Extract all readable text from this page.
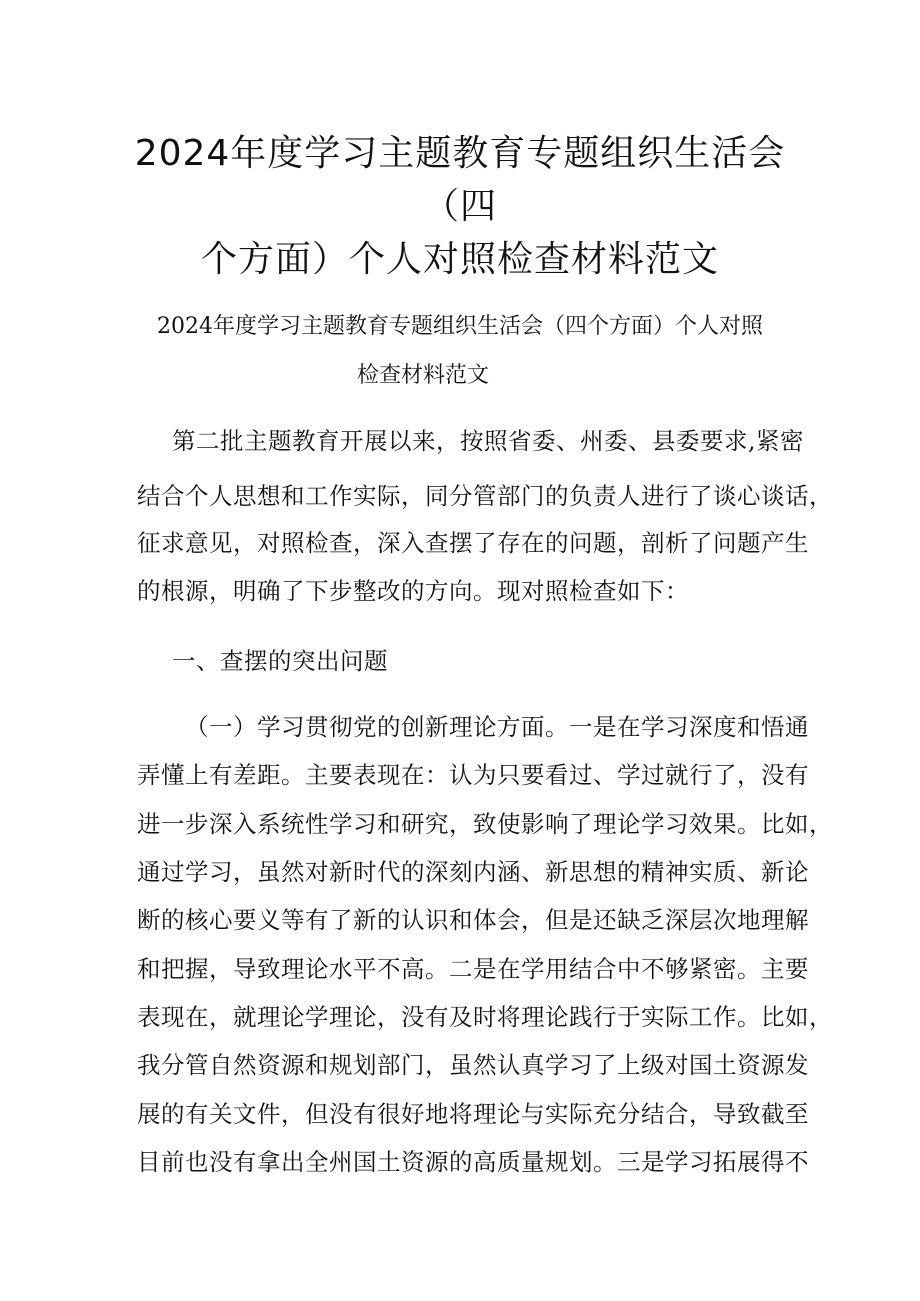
2024年度学习主题教育专题组织生活会
（四
个方面）个人对照检查材料范文
2024年度学习主题教育专题组织生活会（四个方面）个人对照
检查材料范文
第二批主题教育开展以来，按照省委、州委、县委要求,紧密
结合个人思想和工作实际，同分管部门的负责人进行了谈心谈话，
征求意见，对照检查，深入查摆了存在的问题，剖析了问题产生
的根源，明确了下步整改的方向。现对照检查如下：
一、查摆的突出问题
（一）学习贯彻党的创新理论方面。一是在学习深度和悟通
弄懂上有差距。主要表现在：认为只要看过、学过就行了，没有
进一步深入系统性学习和研究，致使影响了理论学习效果。比如，
通过学习，虽然对新时代的深刻内涵、新思想的精神实质、新论
断的核心要义等有了新的认识和体会，但是还缺乏深层次地理解
和把握，导致理论水平不高。二是在学用结合中不够紧密。主要
表现在，就理论学理论，没有及时将理论践行于实际工作。比如，
我分管自然资源和规划部门，虽然认真学习了上级对国土资源发
展的有关文件，但没有很好地将理论与实际充分结合，导致截至
目前也没有拿出全州国土资源的高质量规划。三是学习拓展得不
